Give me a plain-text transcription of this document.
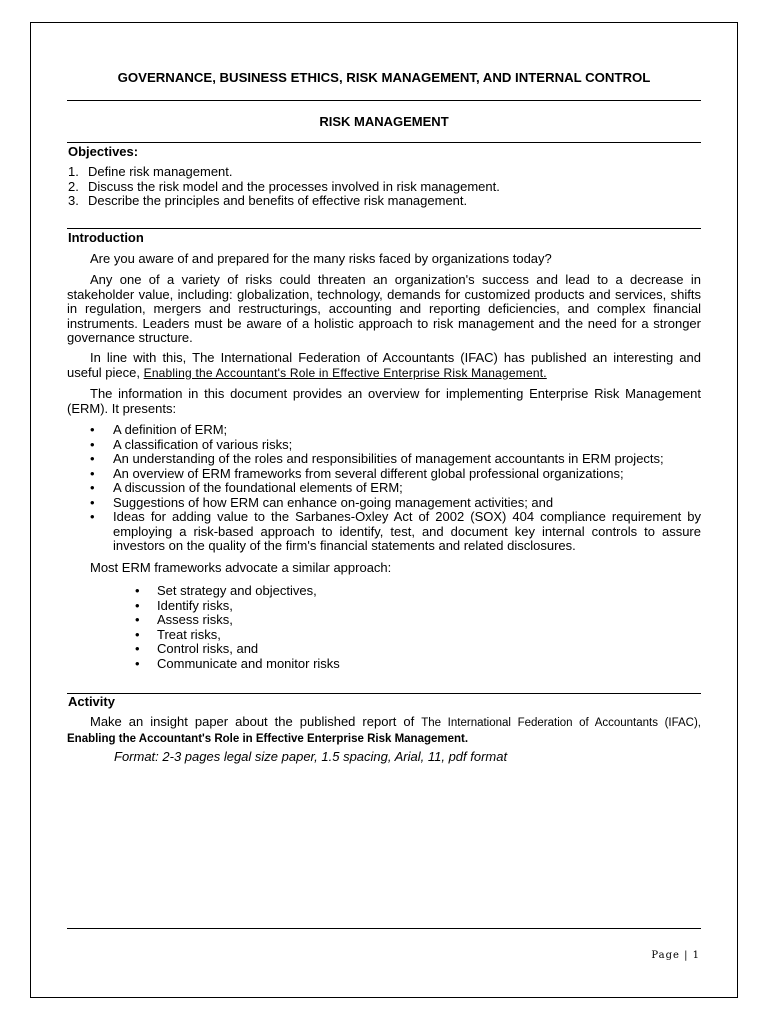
GOVERNANCE, BUSINESS ETHICS, RISK MANAGEMENT, AND INTERNAL CONTROL
RISK MANAGEMENT
Objectives:
1. Define risk management.
2. Discuss the risk model and the processes involved in risk management.
3. Describe the principles and benefits of effective risk management.
Introduction
Are you aware of and prepared for the many risks faced by organizations today?
Any one of a variety of risks could threaten an organization's success and lead to a decrease in stakeholder value, including: globalization, technology, demands for customized products and services, shifts in regulation, mergers and restructurings, accounting and reporting deficiencies, and complex financial instruments. Leaders must be aware of a holistic approach to risk management and the need for a stronger governance structure.
In line with this, The International Federation of Accountants (IFAC) has published an interesting and useful piece, Enabling the Accountant's Role in Effective Enterprise Risk Management.
The information in this document provides an overview for implementing Enterprise Risk Management (ERM). It presents:
• A definition of ERM;
• A classification of various risks;
• An understanding of the roles and responsibilities of management accountants in ERM projects;
• An overview of ERM frameworks from several different global professional organizations;
• A discussion of the foundational elements of ERM;
• Suggestions of how ERM can enhance on-going management activities; and
• Ideas for adding value to the Sarbanes-Oxley Act of 2002 (SOX) 404 compliance requirement by employing a risk-based approach to identify, test, and document key internal controls to assure investors on the quality of the firm's financial statements and related disclosures.
Most ERM frameworks advocate a similar approach:
• Set strategy and objectives,
• Identify risks,
• Assess risks,
• Treat risks,
• Control risks, and
• Communicate and monitor risks
Activity
Make an insight paper about the published report of The International Federation of Accountants (IFAC), Enabling the Accountant's Role in Effective Enterprise Risk Management.
Format: 2-3 pages legal size paper, 1.5 spacing, Arial, 11, pdf format
Page | 1
